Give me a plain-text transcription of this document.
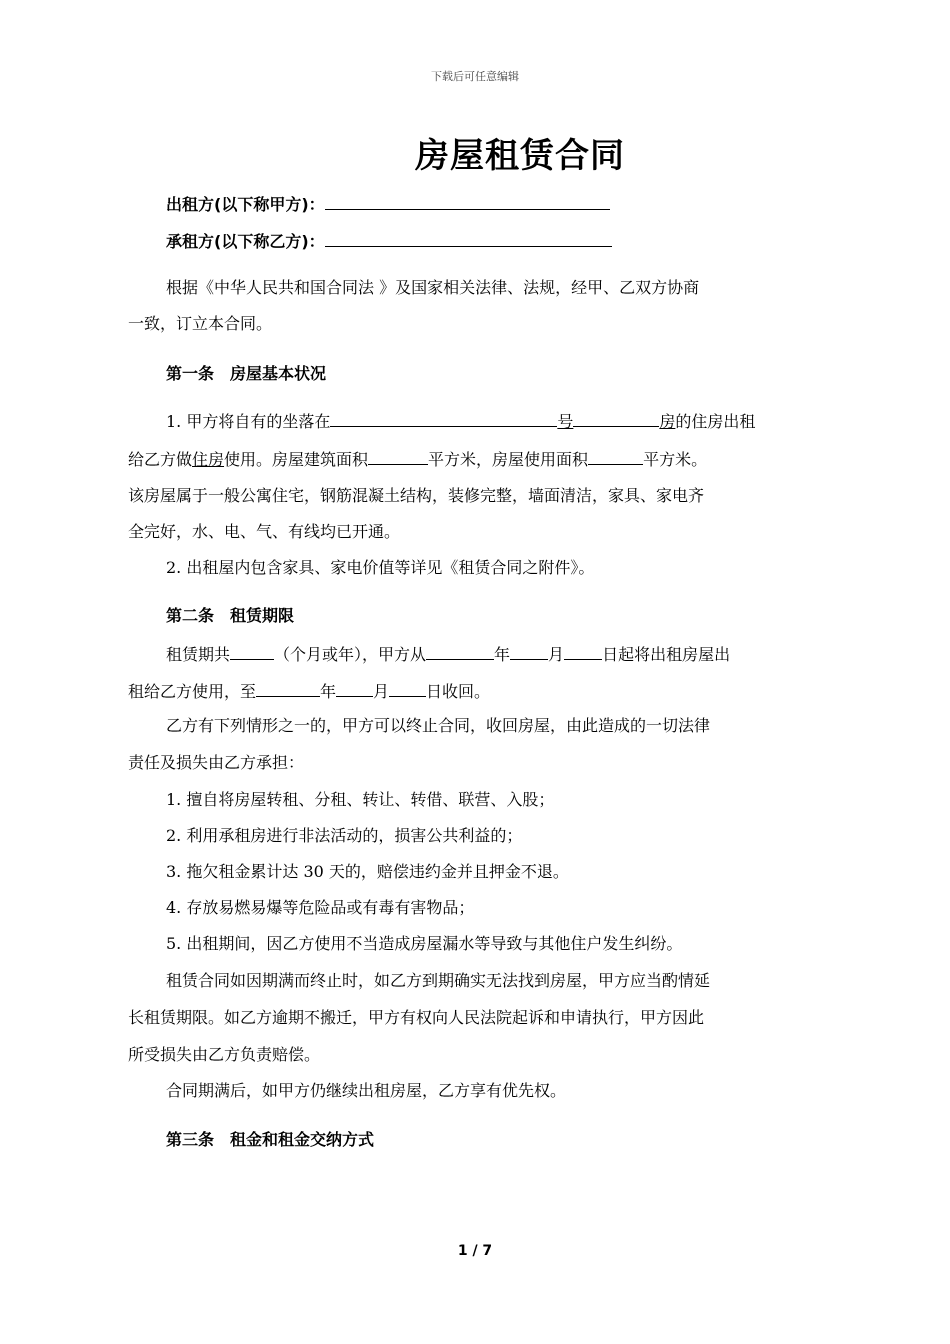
下载后可任意编辑
房屋租赁合同
出租方(以下称甲方)：
承租方(以下称乙方)：
根据《中华人民共和国合同法 》及国家相关法律、法规，经甲、乙双方协商
一致，订立本合同。
第一条　房屋基本状况
1. 甲方将自有的坐落在	号	房的住房出租
给乙方做住房使用。房屋建筑面积	平方米，房屋使用面积	平方米。
该房屋属于一般公寓住宅，钢筋混凝土结构，装修完整，墙面清洁，家具、家电齐
全完好，水、电、气、有线均已开通。
2. 出租屋内包含家具、家电价值等详见《租赁合同之附件》。
第二条　租赁期限
租赁期共	（个月或年），甲方从	年 月 日起将出租房屋出
租给乙方使用，至	年 月 日收回。
乙方有下列情形之一的，甲方可以终止合同，收回房屋，由此造成的一切法律
责任及损失由乙方承担：
1. 擅自将房屋转租、分租、转让、转借、联营、入股；
2. 利用承租房进行非法活动的，损害公共利益的；
3. 拖欠租金累计达 30 天的，赔偿违约金并且押金不退。
4. 存放易燃易爆等危险品或有毒有害物品；
5. 出租期间，因乙方使用不当造成房屋漏水等导致与其他住户发生纠纷。
租赁合同如因期满而终止时，如乙方到期确实无法找到房屋，甲方应当酌情延
长租赁期限。如乙方逾期不搬迁，甲方有权向人民法院起诉和申请执行，甲方因此
所受损失由乙方负责赔偿。
合同期满后，如甲方仍继续出租房屋，乙方享有优先权。
第三条　租金和租金交纳方式
1 / 7
